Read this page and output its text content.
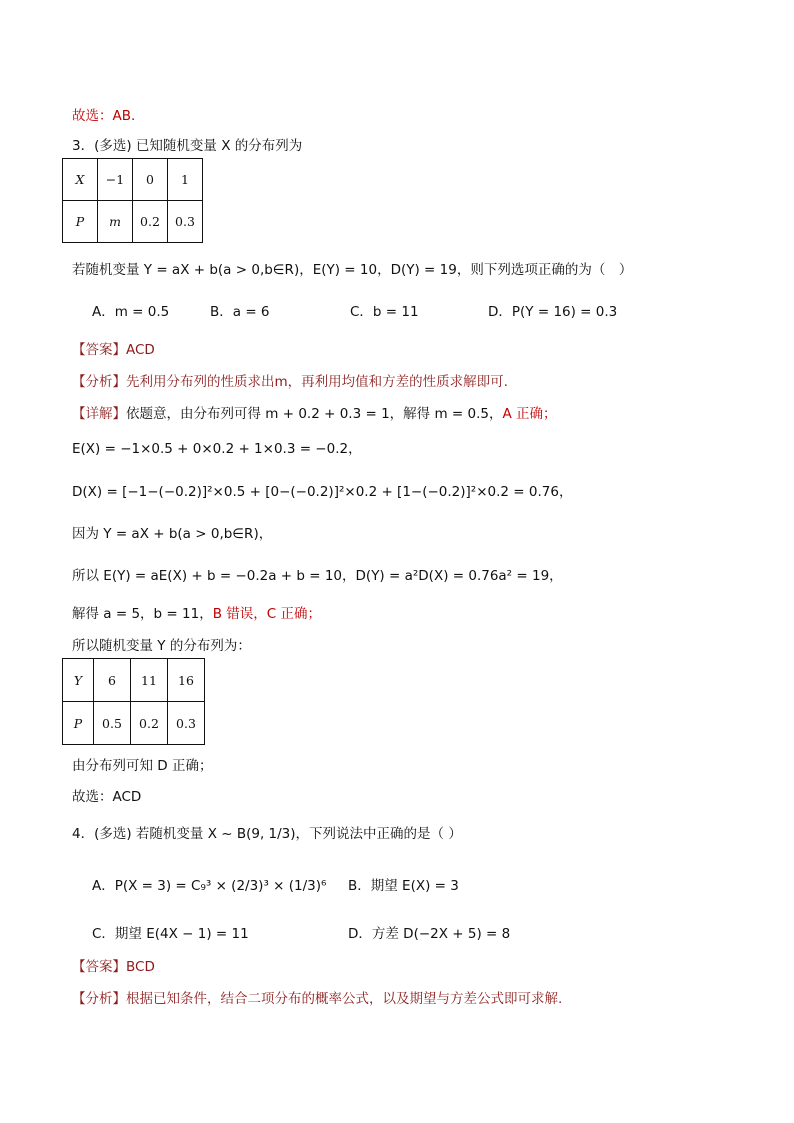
故选：AB.
3．(多选) 已知随机变量 X 的分布列为
X	−1	0	1
P	m	0.2	0.3
若随机变量 Y = aX + b(a > 0,b∈R)，E(Y) = 10，D(Y) = 19，则下列选项正确的为（　）
A．m = 0.5	B．a = 6	C．b = 11	D．P(Y = 16) = 0.3
【答案】ACD
【分析】先利用分布列的性质求出m，再利用均值和方差的性质求解即可.
【详解】依题意，由分布列可得 m + 0.2 + 0.3 = 1，解得 m = 0.5，A 正确；
E(X) = −1×0.5 + 0×0.2 + 1×0.3 = −0.2，
D(X) = [−1−(−0.2)]²×0.5 + [0−(−0.2)]²×0.2 + [1−(−0.2)]²×0.2 = 0.76，
因为 Y = aX + b(a > 0,b∈R)，
所以 E(Y) = aE(X) + b = −0.2a + b = 10，D(Y) = a²D(X) = 0.76a² = 19，
解得 a = 5，b = 11，B 错误，C 正确；
所以随机变量 Y 的分布列为：
Y	6	11	16
P	0.5	0.2	0.3
由分布列可知 D 正确；
故选：ACD
4．(多选) 若随机变量 X ~ B(9, 1/3)，下列说法中正确的是（ ）
A．P(X = 3) = C₉³ × (2/3)³ × (1/3)⁶ B．期望 E(X) = 3
C．期望 E(4X − 1) = 11	D．方差 D(−2X + 5) = 8
【答案】BCD
【分析】根据已知条件，结合二项分布的概率公式，以及期望与方差公式即可求解.
